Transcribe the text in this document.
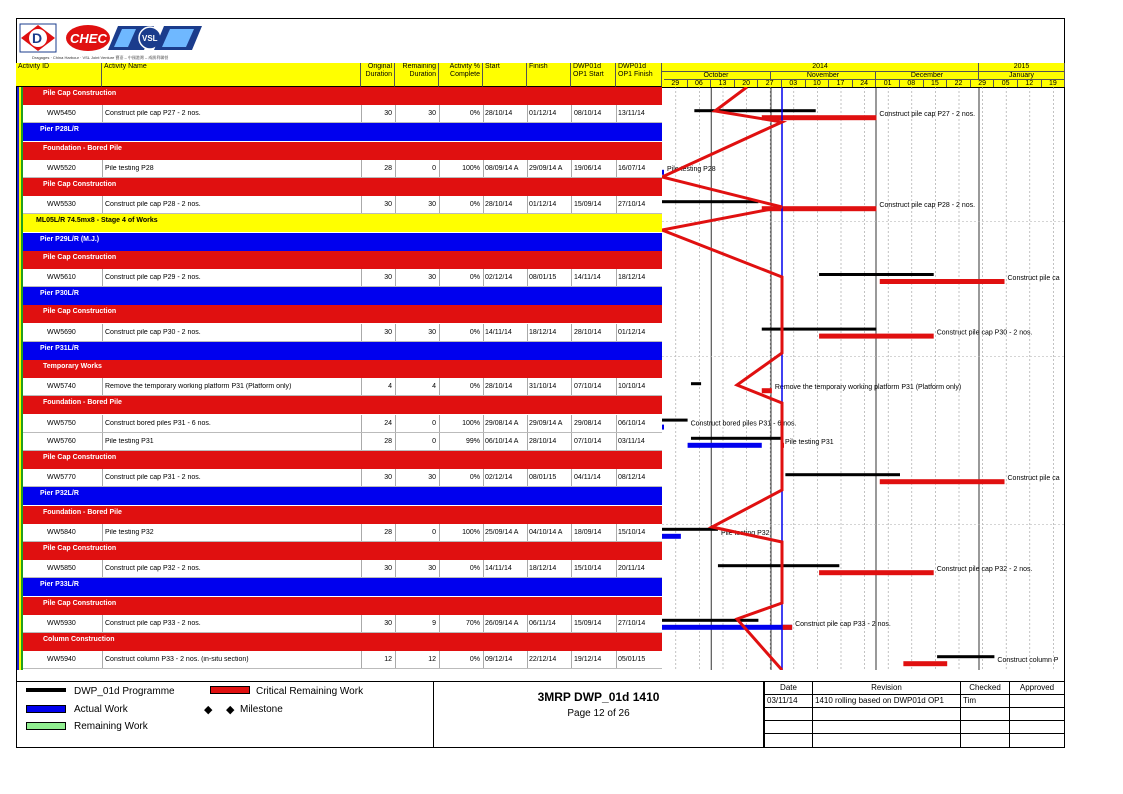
D CHEC	VSL
Dragages · China Harbour · VSL Joint Venture 寶嘉 – 中國港灣 – 威勝利聯營
Activity ID	Activity Name	Original
Duration
Remaining
Duration
Activity %
Complete
Start	Finish	DWP01d
OP1 Start
DWP01d
OP1 Finish
2014	2015
October	November	December	January
29	06	13	20	27	03	10	17	24	01	08	15	22	29	05	12	19
Pile Cap Construction
WW5450	Construct pile cap P27 - 2 nos.	30	30	0% 28/10/14	01/12/14	08/10/14	13/11/14
Pier P28L/R
Foundation - Bored Pile
WW5520	Pile testing P28	28	0	100% 08/09/14 A	29/09/14 A	19/06/14	16/07/14
Pile Cap Construction
WW5530	Construct pile cap P28 - 2 nos.	30	30	0% 28/10/14	01/12/14	15/09/14	27/10/14
ML05L/R 74.5mx8 - Stage 4 of Works
Pier P29L/R (M.J.)
Pile Cap Construction
WW5610	Construct pile cap P29 - 2 nos.	30	30	0% 02/12/14	08/01/15	14/11/14	18/12/14
Pier P30L/R
Pile Cap Construction
WW5690	Construct pile cap P30 - 2 nos.	30	30	0% 14/11/14	18/12/14	28/10/14	01/12/14
Pier P31L/R
Temporary Works
WW5740	Remove the temporary working platform P31 (Platform only)	4	4	0% 28/10/14	31/10/14	07/10/14	10/10/14
Foundation - Bored Pile
WW5750	Construct bored piles P31 - 6 nos.	24	0	100% 29/08/14 A	29/09/14 A	29/08/14	06/10/14
WW5760	Pile testing P31	28	0	99% 06/10/14 A	28/10/14	07/10/14	03/11/14
Pile Cap Construction
WW5770	Construct pile cap P31 - 2 nos.	30	30	0% 02/12/14	08/01/15	04/11/14	08/12/14
Pier P32L/R
Foundation - Bored Pile
WW5840	Pile testing P32	28	0	100% 25/09/14 A	04/10/14 A	18/09/14	15/10/14
Pile Cap Construction
WW5850	Construct pile cap P32 - 2 nos.	30	30	0% 14/11/14	18/12/14	15/10/14	20/11/14
Pier P33L/R
Pile Cap Construction
WW5930	Construct pile cap P33 - 2 nos.	30	9	70% 26/09/14 A	06/11/14	15/09/14	27/10/14
Column Construction
WW5940	Construct column P33 - 2 nos. (in-situ section)	12	12	0% 09/12/14	22/12/14	19/12/14	05/01/15
Construct pile cap P27 - 2 nos.
Pile testing P28
Construct pile cap P28 - 2 nos.
Construct pile ca
Construct pile cap P30 - 2 nos.
Remove the temporary working platform P31 (Platform only)
Construct bored piles P31 - 6 nos.
Pile testing P31
Construct pile ca
Pile testing P32
Construct pile cap P32 - 2 nos.
Construct pile cap P33 - 2 nos.
Construct column P
DWP_01d Programme	Critical Remaining Work
Actual Work	◆ ◆ Milestone
Remaining Work
3MRP DWP_01d 1410
Page 12 of 26
Date	Revision	Checked	Approved
03/11/14	1410 rolling based on DWP01d OP1	Tim
